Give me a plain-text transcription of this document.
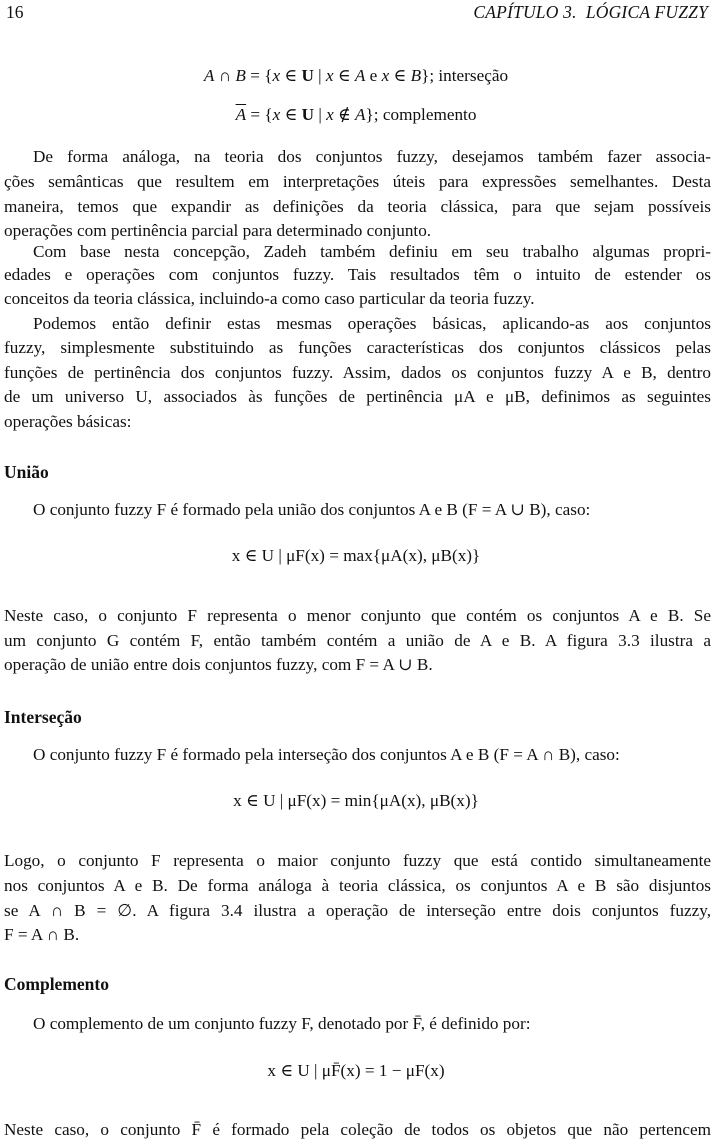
16	CAPÍTULO 3. LÓGICA FUZZY
A ∩ B = {x ∈ U | x ∈ A e x ∈ B}; interseção
$\overline{A} = \{x$ ∈ U | x ∉ A}; complemento
De forma análoga, na teoria dos conjuntos fuzzy, desejamos também fazer associa-
ções semânticas que resultem em interpretações úteis para expressões semelhantes. Desta
maneira, temos que expandir as definições da teoria clássica, para que sejam possíveis
operações com pertinência parcial para determinado conjunto.
Com base nesta concepção, Zadeh também definiu em seu trabalho algumas propri-
edades e operações com conjuntos fuzzy. Tais resultados têm o intuito de estender os
conceitos da teoria clássica, incluindo-a como caso particular da teoria fuzzy.
Podemos então definir estas mesmas operações básicas, aplicando-as aos conjuntos
fuzzy, simplesmente substituindo as funções características dos conjuntos clássicos pelas
funções de pertinência dos conjuntos fuzzy. Assim, dados os conjuntos fuzzy A e B, dentro
de um universo U, associados às funções de pertinência μA e μB, definimos as seguintes
operações básicas:
União
O conjunto fuzzy F é formado pela união dos conjuntos A e B (F = A ∪ B), caso:
x ∈ U | μF(x) = max{μA(x), μB(x)}
Neste caso, o conjunto F representa o menor conjunto que contém os conjuntos A e B. Se
um conjunto G contém F, então também contém a união de A e B. A figura 3.3 ilustra a
operação de união entre dois conjuntos fuzzy, com F = A ∪ B.
Interseção
O conjunto fuzzy F é formado pela interseção dos conjuntos A e B (F = A ∩ B), caso:
x ∈ U | μF(x) = min{μA(x), μB(x)}
Logo, o conjunto F representa o maior conjunto fuzzy que está contido simultaneamente
nos conjuntos A e B. De forma análoga à teoria clássica, os conjuntos A e B são disjuntos
se A ∩ B = ∅. A figura 3.4 ilustra a operação de interseção entre dois conjuntos fuzzy,
F = A ∩ B.
Complemento
O complemento de um conjunto fuzzy F, denotado por F̄, é definido por:
x ∈ U | μF̄(x) = 1 − μF(x)
Neste caso, o conjunto F̄ é formado pela coleção de todos os objetos que não pertencem
